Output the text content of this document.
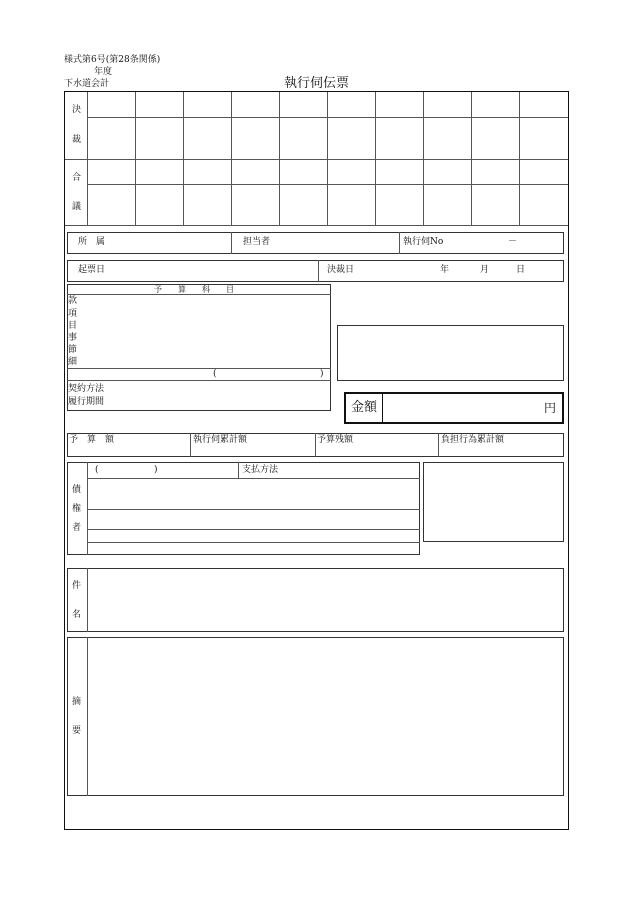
様式第6号(第28条関係)
年度
下水道会計	執行伺伝票
決
裁
合
議
所　属	担当者	執行伺No	－
起票日	決裁日	年	月	日
予　　算　　科　　目
款
項
目
事
節
細
(	)
契約方法
履行期間	金額	円
予　算　額	執行伺累計額	予算残額	負担行為累計額
(	)	支払方法
債
権
者
件
名
摘
要
